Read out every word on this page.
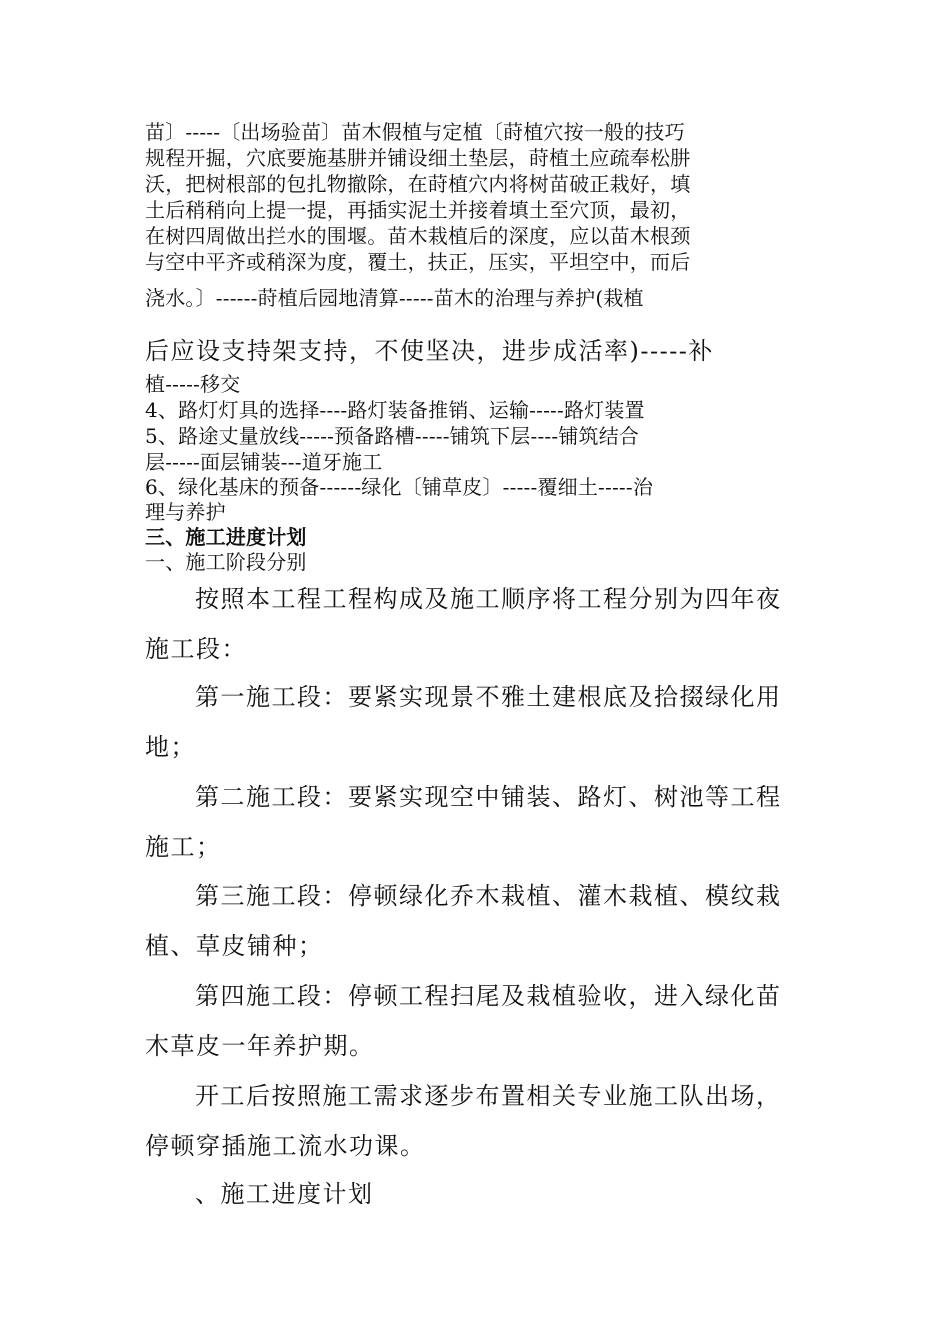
苗〕-----〔出场验苗〕苗木假植与定植〔莳植穴按一般的技巧
规程开掘，穴底要施基肼并铺设细土垫层，莳植土应疏奉松肼
沃，把树根部的包扎物撤除，在莳植穴内将树苗破正栽好，填
土后稍稍向上提一提，再插实泥土并接着填土至穴顶，最初，
在树四周做出拦水的围堰。苗木栽植后的深度，应以苗木根颈
与空中平齐或稍深为度，覆土，扶正，压实，平坦空中，而后
浇水。〕------莳植后园地清算-----苗木的治理与养护(栽植
后应设支持架支持，不使坚决，进步成活率)-----补
植-----移交
4、路灯灯具的选择----路灯装备推销、运输-----路灯装置
5、路途丈量放线-----预备路槽-----铺筑下层----铺筑结合
层-----面层铺装---道牙施工
6、绿化基床的预备------绿化〔铺草皮〕-----覆细土-----治
理与养护
三、施工进度计划
一、施工阶段分别
按照本工程工程构成及施工顺序将工程分别为四年夜
施工段：
第一施工段：要紧实现景不雅土建根底及拾掇绿化用
地；
第二施工段：要紧实现空中铺装、路灯、树池等工程
施工；
第三施工段：停顿绿化乔木栽植、灌木栽植、模纹栽
植、草皮铺种；
第四施工段：停顿工程扫尾及栽植验收，进入绿化苗
木草皮一年养护期。
开工后按照施工需求逐步布置相关专业施工队出场，
停顿穿插施工流水功课。
、施工进度计划
